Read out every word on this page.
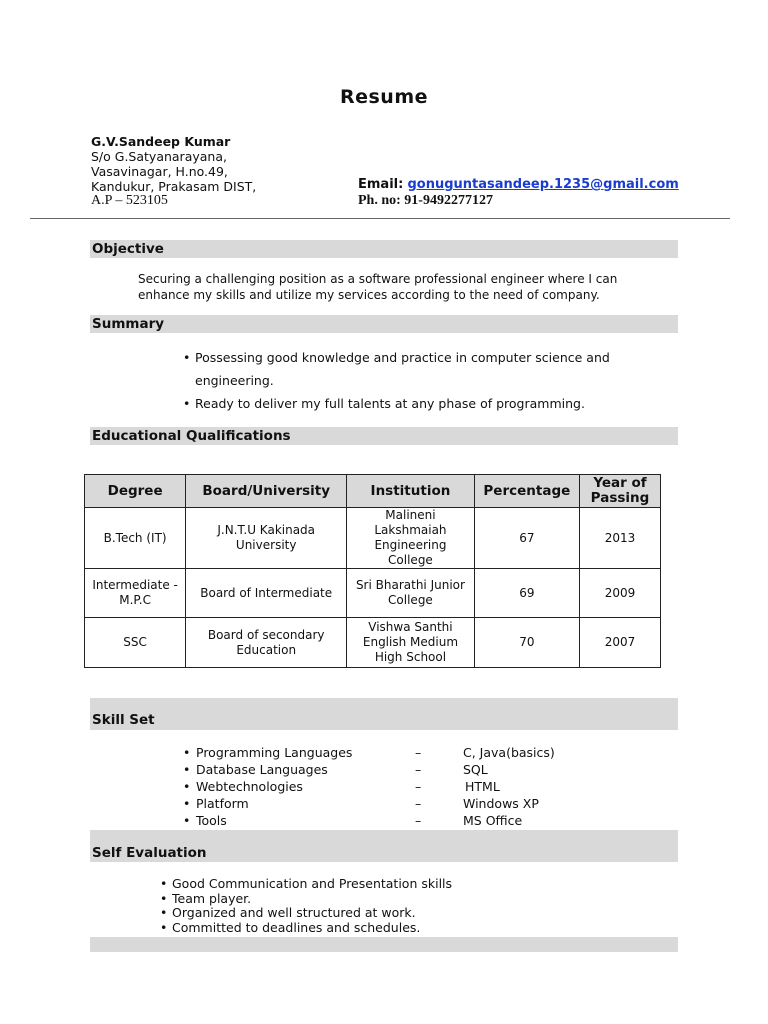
Resume
G.V.Sandeep Kumar
S/o G.Satyanarayana,
Vasavinagar, H.no.49,
Kandukur, Prakasam DIST,
A.P – 523105
Email: gonuguntasandeep.1235@gmail.com
Ph. no: 91-9492277127
Objective
Securing a challenging position as a software professional engineer where I can
enhance my skills and utilize my services according to the need of company.
Summary
• Possessing good knowledge and practice in computer science and
engineering.
• Ready to deliver my full talents at any phase of programming.
Educational Qualifications
Degree	Board/University	Institution	Percentage	Year of Passing
B.Tech (IT)	J.N.T.U Kakinada University	Malineni Lakshmaiah Engineering College	67	2013
Intermediate -M.P.C	Board of Intermediate	Sri Bharathi Junior College	69	2009
SSC	Board of secondary Education	Vishwa Santhi English Medium High School	70	2007
Skill Set
• Programming Languages	–	C, Java(basics)
• Database Languages	–	SQL
• Webtechnologies	–	HTML
• Platform	–	Windows XP
• Tools	–	MS Office
Self Evaluation
• Good Communication and Presentation skills
• Team player.
• Organized and well structured at work.
• Committed to deadlines and schedules.
